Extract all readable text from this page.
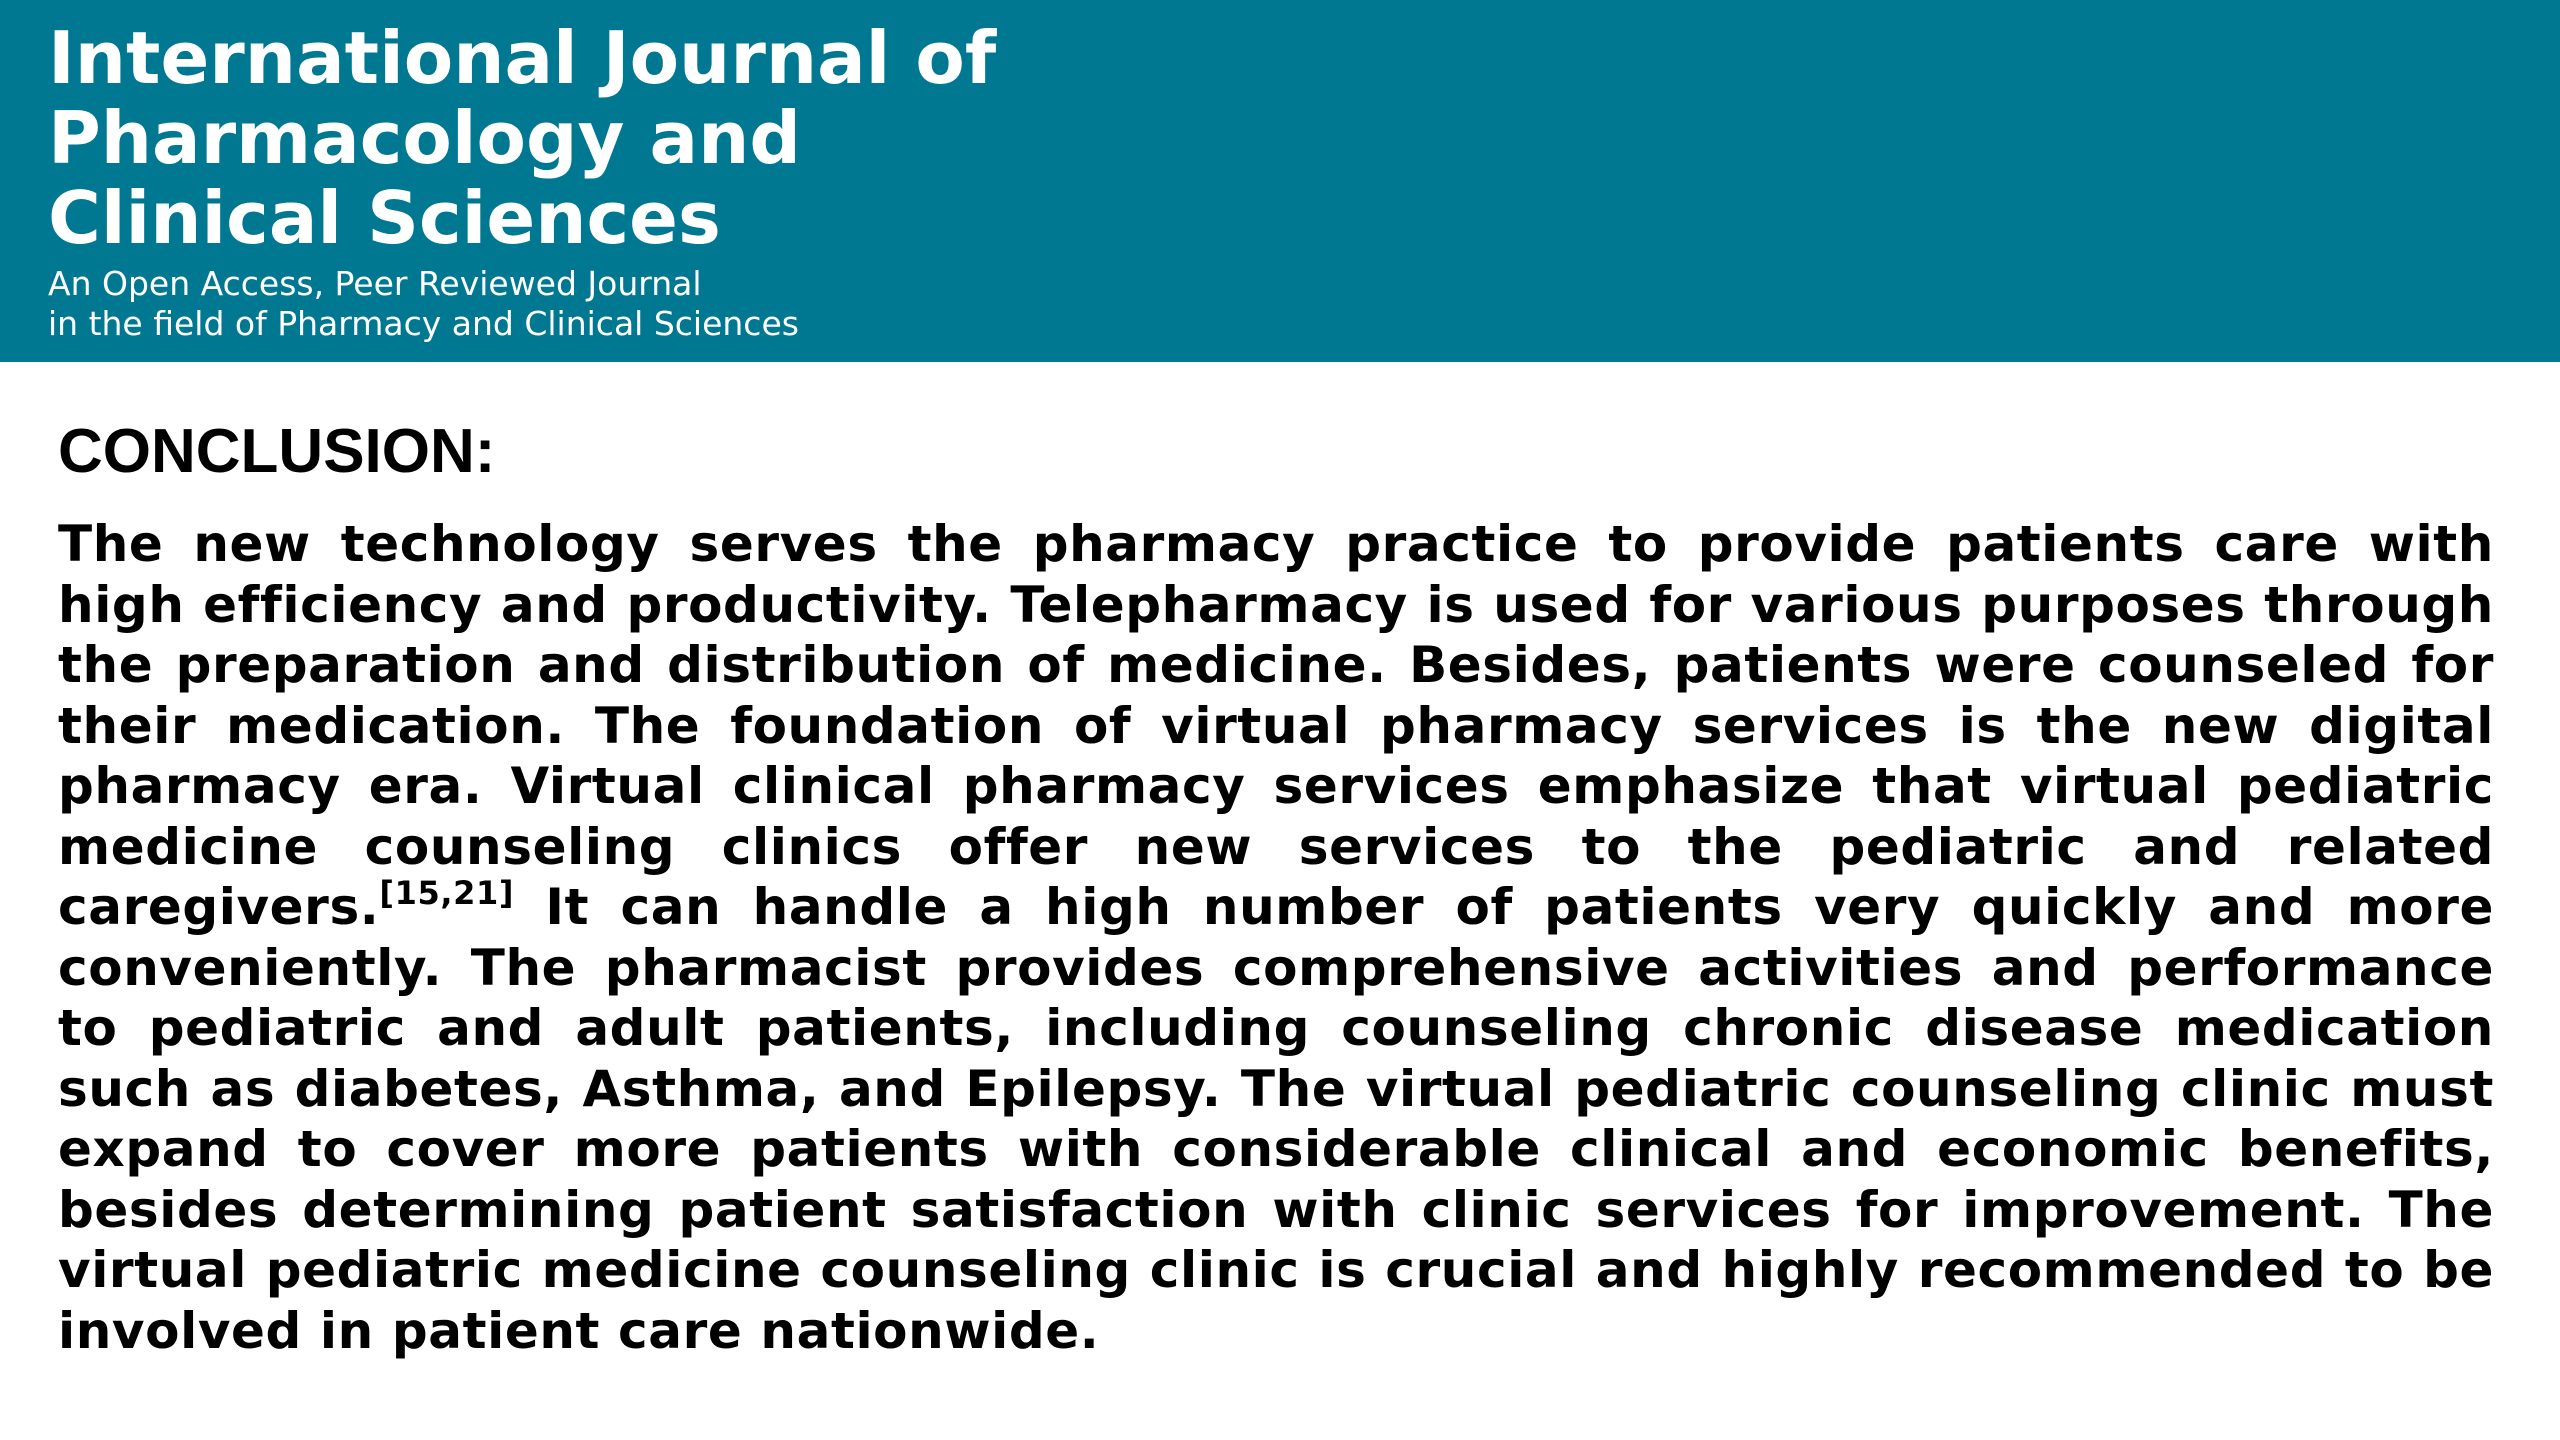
International Journal of
Pharmacology and
Clinical Sciences
An Open Access, Peer Reviewed Journal
in the field of Pharmacy and Clinical Sciences
CONCLUSION:

The new technology serves the pharmacy practice to provide patients care with high efficiency and productivity. Telepharmacy is used for various purposes through the preparation and distribution of medicine. Besides, patients were counseled for their medication. The foundation of virtual pharmacy services is the new digital pharmacy era. Virtual clinical pharmacy services emphasize that virtual pediatric medicine counseling clinics offer new services to the pediatric and related caregivers.[15,21] It can handle a high number of patients very quickly and more conveniently. The pharmacist provides comprehensive activities and performance to pediatric and adult patients, including counseling chronic disease medication such as diabetes, Asthma, and Epilepsy. The virtual pediatric counseling clinic must expand to cover more patients with considerable clinical and economic benefits, besides determining patient satisfaction with clinic services for improvement. The virtual pediatric medicine counseling clinic is crucial and highly recommended to be involved in patient care nationwide.
